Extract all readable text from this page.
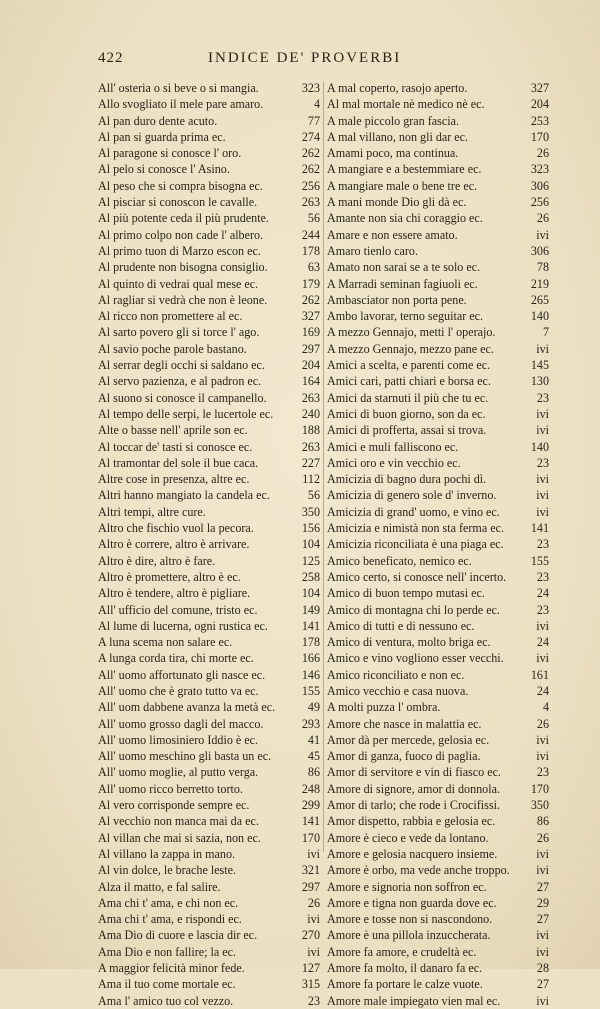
422	INDICE DE' PROVERBI
All' osteria o si beve o si mangia.	323
Allo svogliato il mele pare amaro.	4
Al pan duro dente acuto.	77
Al pan si guarda prima ec.	274
Al paragone si conosce l' oro.	262
Al pelo si conosce l' Asino.	262
Al peso che si compra bisogna ec.	256
Al pisciar si conoscon le cavalle.	263
Al più potente ceda il più prudente.	56
Al primo colpo non cade l' albero.	244
Al primo tuon di Marzo escon ec.	178
Al prudente non bisogna consiglio.	63
Al quinto di vedrai qual mese ec.	179
Al ragliar si vedrà che non è leone.	262
Al ricco non promettere al ec.	327
Al sarto povero gli si torce l' ago.	169
Al savio poche parole bastano.	297
Al serrar degli occhi si saldano ec.	204
Al servo pazienza, e al padron ec.	164
Al suono si conosce il campanello.	263
Al tempo delle serpi, le lucertole ec. 240
Alte o basse nell' aprile son ec.	188
Al toccar de' tasti si conosce ec.	263
Al tramontar del sole il bue caca.	227
Altre cose in presenza, altre ec.	112
Altri hanno mangiato la candela ec.	56
Altri tempi, altre cure.	350
Altro che fischio vuol la pecora.	156
Altro è correre, altro è arrivare.	104
Altro è dire, altro è fare.	125
Altro è promettere, altro è ec.	258
Altro è tendere, altro è pigliare.	104
All' ufficio del comune, tristo ec.	149
Al lume di lucerna, ogni rustica ec.	141
A luna scema non salare ec.	178
A lunga corda tira, chi morte ec.	166
All' uomo affortunato gli nasce ec.	146
All' uomo che è grato tutto va ec.	155
All' uom dabbene avanza la metà ec.	49
All' uomo grosso dagli del macco.	293
All' uomo limosiniero Iddio è ec.	41
All' uomo meschino gli basta un ec.	45
All' uomo moglie, al putto verga.	86
All' uomo ricco berretto torto.	248
Al vero corrisponde sempre ec.	299
Al vecchio non manca mai da ec.	141
Al villan che mai si sazia, non ec.	170
Al villano la zappa in mano.	ivi
Al vin dolce, le brache leste.	321
Alza il matto, e fal salire.	297
Ama chi t' ama, e chi non ec.	26
Ama chi t' ama, e rispondi ec.	ivi
Ama Dio di cuore e lascia dir ec.	270
Ama Dio e non fallire; la ec.	ivi
A maggior felicità minor fede.	127
Ama il tuo come mortale ec.	315
Ama l' amico tuo col vezzo.	23
A mal coperto, rasojo aperto.	327
Al mal mortale nè medico nè ec.	204
A male piccolo gran fascia.	253
A mal villano, non gli dar ec.	170
Amami poco, ma continua.	26
A mangiare e a bestemmiare ec.	323
A mangiare male o bene tre ec.	306
A mani monde Dio gli dà ec.	256
Amante non sia chi coraggio ec.	26
Amare e non essere amato.	ivi
Amaro tienlo caro.	306
Amato non sarai se a te solo ec.	78
A Marradi seminan fagiuoli ec.	219
Ambasciator non porta pene.	265
Ambo lavorar, terno seguitar ec.	140
A mezzo Gennajo, metti l' operajo.	7
A mezzo Gennajo, mezzo pane ec.	ivi
Amici a scelta, e parenti come ec.	145
Amici cari, patti chiari e borsa ec.	130
Amici da starnuti il più che tu ec.	23
Amici di buon giorno, son da ec.	ivi
Amici di profferta, assai si trova.	ivi
Amici e muli falliscono ec.	140
Amici oro e vin vecchio ec.	23
Amicizia di bagno dura pochi dì.	ivi
Amicizia di genero sole d' inverno.	ivi
Amicizia di grand' uomo, e vino ec.	ivi
Amicizia e nimistà non sta ferma ec. 141
Amicizia riconciliata è una piaga ec.	23
Amico beneficato, nemico ec.	155
Amico certo, si conosce nell' incerto.	23
Amico di buon tempo mutasi ec.	24
Amico di montagna chi lo perde ec.	23
Amico di tutti e di nessuno ec.	ivi
Amico di ventura, molto briga ec.	24
Amico e vino vogliono esser vecchi.	ivi
Amico riconciliato e non ec.	161
Amico vecchio e casa nuova.	24
A molti puzza l' ombra.	4
Amore che nasce in malattia ec.	26
Amor dà per mercede, gelosia ec.	ivi
Amor di ganza, fuoco di paglia.	ivi
Amor di servitore e vin di fiasco ec.	23
Amore di signore, amor di donnola.	170
Amor di tarlo; che rode i Crocifissi.	350
Amor dispetto, rabbia e gelosia ec.	86
Amore è cieco e vede da lontano.	26
Amore e gelosia nacquero insieme.	ivi
Amore è orbo, ma vede anche troppo. ivi
Amore e signoria non soffron ec.	27
Amore e tigna non guarda dove ec.	29
Amore e tosse non si nascondono.	27
Amore è una pillola inzuccherata.	ivi
Amore fa amore, e crudeltà ec.	ivi
Amore fa molto, il danaro fa ec.	28
Amore fa portare le calze vuote.	27
Amore male impiegato vien mal ec.	ivi
